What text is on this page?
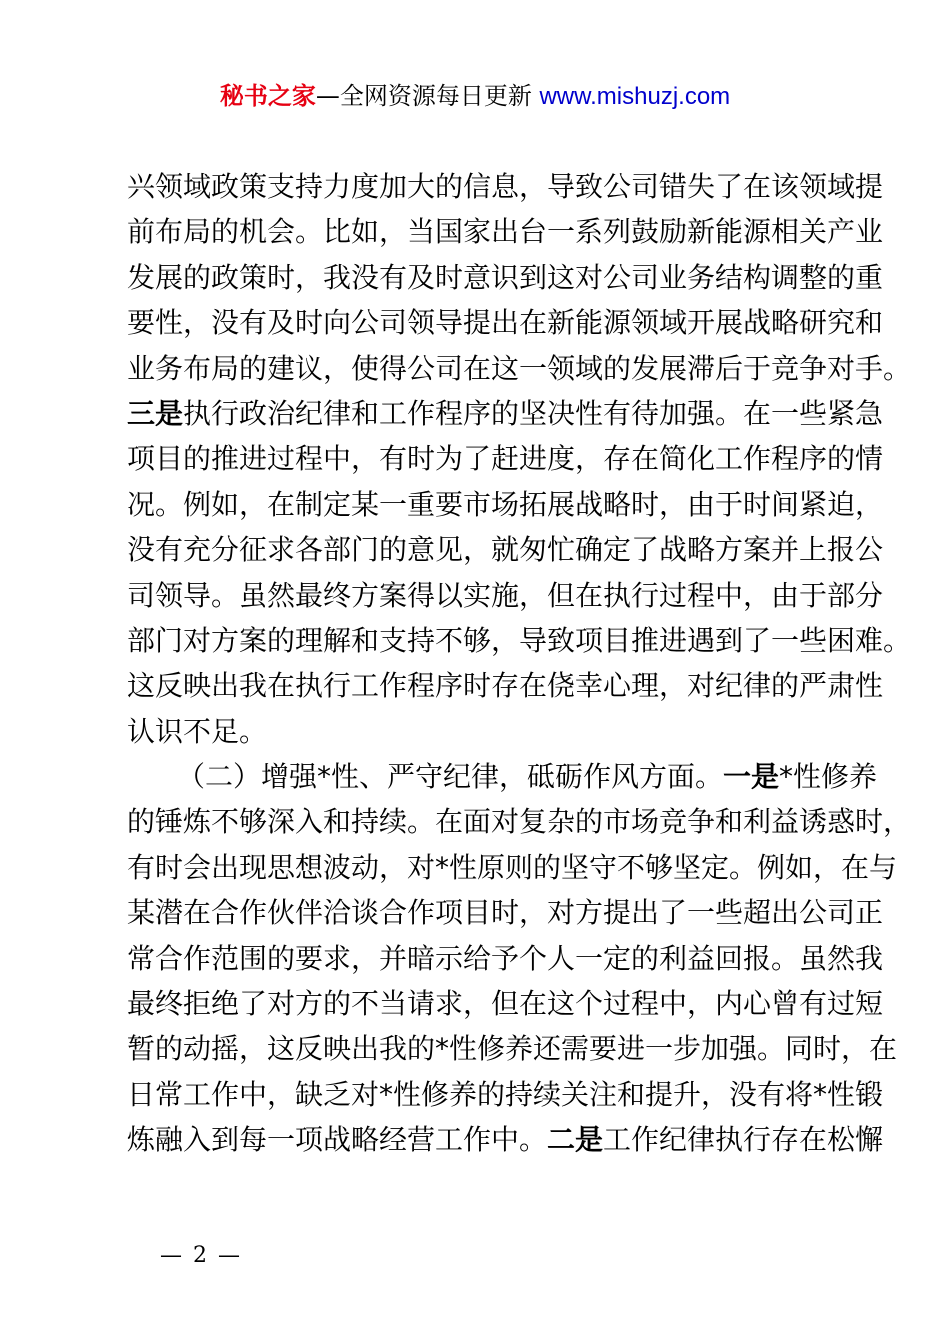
秘书之家—全网资源每日更新 www.mishuzj.com
兴领域政策支持力度加大的信息，导致公司错失了在该领域提
前布局的机会。比如，当国家出台一系列鼓励新能源相关产业
发展的政策时，我没有及时意识到这对公司业务结构调整的重
要性，没有及时向公司领导提出在新能源领域开展战略研究和
业务布局的建议，使得公司在这一领域的发展滞后于竞争对手。
三是执行政治纪律和工作程序的坚决性有待加强。在一些紧急
项目的推进过程中，有时为了赶进度，存在简化工作程序的情
况。例如，在制定某一重要市场拓展战略时，由于时间紧迫，
没有充分征求各部门的意见，就匆忙确定了战略方案并上报公
司领导。虽然最终方案得以实施，但在执行过程中，由于部分
部门对方案的理解和支持不够，导致项目推进遇到了一些困难。
这反映出我在执行工作程序时存在侥幸心理，对纪律的严肃性
认识不足。
（二）增强*性、严守纪律，砥砺作风方面。一是*性修养
的锤炼不够深入和持续。在面对复杂的市场竞争和利益诱惑时，
有时会出现思想波动，对*性原则的坚守不够坚定。例如，在与
某潜在合作伙伴洽谈合作项目时，对方提出了一些超出公司正
常合作范围的要求，并暗示给予个人一定的利益回报。虽然我
最终拒绝了对方的不当请求，但在这个过程中，内心曾有过短
暂的动摇，这反映出我的*性修养还需要进一步加强。同时，在
日常工作中，缺乏对*性修养的持续关注和提升，没有将*性锻
炼融入到每一项战略经营工作中。二是工作纪律执行存在松懈
— 2 —
